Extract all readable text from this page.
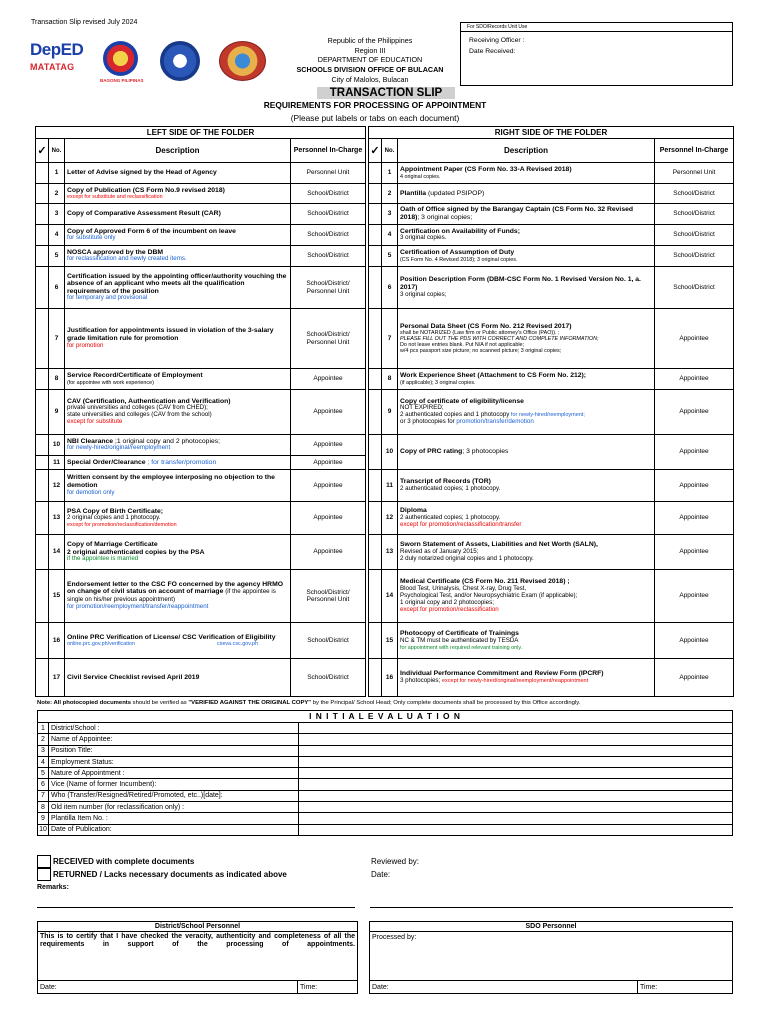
Transaction Slip revised July 2024
DepED
MATATAG
BAGONG PILIPINAS
Republic of the Philippines
Region III
DEPARTMENT OF EDUCATION
SCHOOLS DIVISION OFFICE OF BULACAN
City of Malolos, Bulacan
For SDO/Records Unit Use
Receiving Officer :
Date Received:
TRANSACTION SLIP
REQUIREMENTS FOR PROCESSING OF APPOINTMENT
(Please put labels or tabs on each document)
LEFT SIDE OF THE FOLDER			
✓	No.	Description	Personnel In-Charge
	1	Letter of Advise signed by the Head of Agency	Personnel Unit
	2	Copy of Publication (CS Form No.9 revised 2018)
except for substitute and reclassification	School/District
	3	Copy of Comparative Assessment Result (CAR)	School/District
	4	Copy of Approved Form 6 of the incumbent on leave
for substitute only	School/District
	5	NOSCA approved by the DBM
for reclassification and newly created items.	School/District
	6	Certification issued by the appointing officer/authority vouching the absence of an applicant who meets all the qualification requirements of the position
for temporary and provisional	School/District/ Personnel Unit
	7	Justification for appointments issued in violation of the 3-salary grade limitation rule for promotion
for promotion	School/District/ Personnel Unit
	8	Service Record/Certificate of Employment
(for appointee with work experience)	Appointee
	9	CAV (Certification, Authentication and Verification)
private universities and colleges (CAV from CHED);
state universities and colleges (CAV from the school)
except for substitute	Appointee
	10	NBI Clearance ;1 original copy and 2 photocopies;
for newly-hired/original/reemployment	Appointee
	11	Special Order/Clearance ; for transfer/promotion	Appointee
	12	Written consent by the employee interposing no objection to the demotion
for demotion only	Appointee
	13	PSA Copy of Birth Certificate;
2 original copies and 1 photocopy.
except for promotion/reclassification/demotion	Appointee
	14	Copy of Marriage Certificate
2 original authenticated copies by the PSA
if the appointee is married	Appointee
	15	Endorsement letter to the CSC FO concerned by the agency HRMO on change of civil status on account of marriage (if the appointee is single on his/her previous appointment)
for promotion/reemployment/transfer/reappointment	School/District/ Personnel Unit
	16	Online PRC Verification of License/ CSC Verification of Eligibility
online.prc.gov.ph/verification cseva.csc.gov.ph	School/District
	17	Civil Service Checklist revised April 2019	School/District
RIGHT SIDE OF THE FOLDER			
✓	No.	Description	Personnel In-Charge
	1	Appointment Paper (CS Form No. 33-A Revised 2018)
4 original copies.	Personnel Unit
	2	Plantilla (updated PSIPOP)	School/District
	3	Oath of Office signed by the Barangay Captain (CS Form No. 32 Revised 2018); 3 original copies;	School/District
	4	Certification on Availability of Funds;
3 original copies.	School/District
	5	Certification of Assumption of Duty
(CS Form No. 4 Revised 2018); 3 original copies.	School/District
	6	Position Description Form (DBM-CSC Form No. 1 Revised Version No. 1, a. 2017)
3 original copies;	School/District
	7	Personal Data Sheet (CS Form No. 212 Revised 2017)
shall be NOTARIZED (Law firm or Public attorney's Office (PAO)). ;
PLEASE FILL OUT THE PDS WITH CORRECT AND COMPLETE INFORMATION;
Do not leave entries blank. Put N/A if not applicable;
w/4 pcs passport size picture; no scanned picture; 3 original copies;	Appointee
	8	Work Experience Sheet (Attachment to CS Form No. 212);
(if applicable); 3 original copies.	Appointee
	9	Copy of certificate of eligibility/license
NOT EXPIRED;
2 authenticated copies and 1 photocopy for newly-hired/reemployment;
or 3 photocopies for promotion/transfer/demotion	Appointee
	10	Copy of PRC rating; 3 photocopies	Appointee
	11	Transcript of Records (TOR)
2 authenticated copies; 1 photocopy.	Appointee
	12	Diploma
2 authenticated copies; 1 photocopy.
except for promotion/reclassification/transfer	Appointee
	13	Sworn Statement of Assets, Liabilities and Net Worth (SALN),
Revised as of January 2015;
2 duly notarized original copies and 1 photocopy.	Appointee
	14	Medical Certificate (CS Form No. 211 Revised 2018) ;
Blood Test, Urinalysis, Chest X-ray, Drug Test,
Psychological Test, and/or Neuropsychiatric Exam (if applicable);
1 original copy and 2 photocopies;
except for promotion/reclassification	Appointee
	15	Photocopy of Certificate of Trainings
NC & TM must be authenticated by TESDA
for appointment with required relevant training only.	Appointee
	16	Individual Performance Commitment and Review Form (IPCRF)
3 photocopies; except for newly-hired/original/reemployment/reappointment	Appointee
Note: All photocopied documents should be verified as "VERIFIED AGAINST THE ORIGINAL COPY" by the Principal/ School Head; Only complete documents shall be processed by this Office accordingly.
I N I T I A L E V A L U A T I O N		
1	District/School :	
2	Name of Appointee:	
3	Position Title:	
4	Employment Status:	
5	Nature of Appointment :	
6	Vice (Name of former Incumbent):	
7	Who (Transfer/Resigned/Retired/Promoted, etc..)[date]:	
8	Old item number (for reclassification only) :	
9	Plantilla Item No. :	
10	Date of Publication:	
RECEIVED with complete documents
RETURNED / Lacks necessary documents as indicated above
Reviewed by:
Date:
Remarks:
District/School Personnel
This is to certify that I have checked the veracity, authenticity and completeness of all the requirements in support of the processing of appointments.
Date:	Time:
SDO Personnel
Processed by:
Date:	Time:
